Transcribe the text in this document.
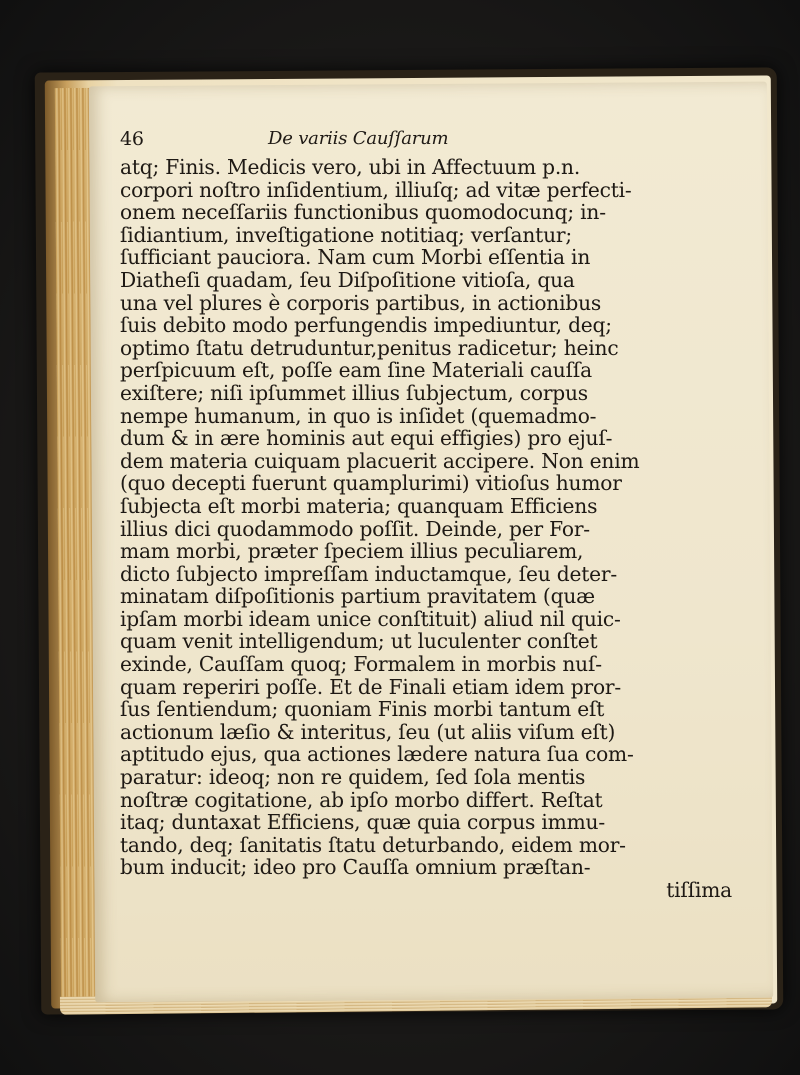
46	De variis Cauſſarum
atq; Finis. Medicis vero, ubi in Affectuum p.n.
corpori noſtro inſidentium, illiuſq; ad vitæ perfecti-
onem neceſſariis functionibus quomodocunq; in-
ſidiantium, inveſtigatione notitiaq; verſantur;
ſufficiant pauciora. Nam cum Morbi eſſentia in
Diatheſi quadam, ſeu Diſpoſitione vitioſa, qua
una vel plures è corporis partibus, in actionibus
ſuis debito modo perfungendis impediuntur, deq;
optimo ſtatu detruduntur,penitus radicetur; heinc
perſpicuum eſt, poſſe eam ſine Materiali cauſſa
exiſtere; niſi ipſummet illius ſubjectum, corpus
nempe humanum, in quo is inſidet (quemadmo-
dum & in ære hominis aut equi effigies) pro ejuſ-
dem materia cuiquam placuerit accipere. Non enim
(quo decepti fuerunt quamplurimi) vitioſus humor
ſubjecta eſt morbi materia; quanquam Efficiens
illius dici quodammodo poſſit. Deinde, per For-
mam morbi, præter ſpeciem illius peculiarem,
dicto ſubjecto impreſſam inductamque, ſeu deter-
minatam diſpoſitionis partium pravitatem (quæ
ipſam morbi ideam unice conſtituit) aliud nil quic-
quam venit intelligendum; ut luculenter conſtet
exinde, Cauſſam quoq; Formalem in morbis nuſ-
quam reperiri poſſe. Et de Finali etiam idem pror-
ſus ſentiendum; quoniam Finis morbi tantum eſt
actionum læſio & interitus, ſeu (ut aliis viſum eſt)
aptitudo ejus, qua actiones lædere natura ſua com-
paratur: ideoq; non re quidem, ſed ſola mentis
noſtræ cogitatione, ab ipſo morbo differt. Reſtat
itaq; duntaxat Efficiens, quæ quia corpus immu-
tando, deq; ſanitatis ſtatu deturbando, eidem mor-
bum inducit; ideo pro Cauſſa omnium præſtan-
tiſſima
